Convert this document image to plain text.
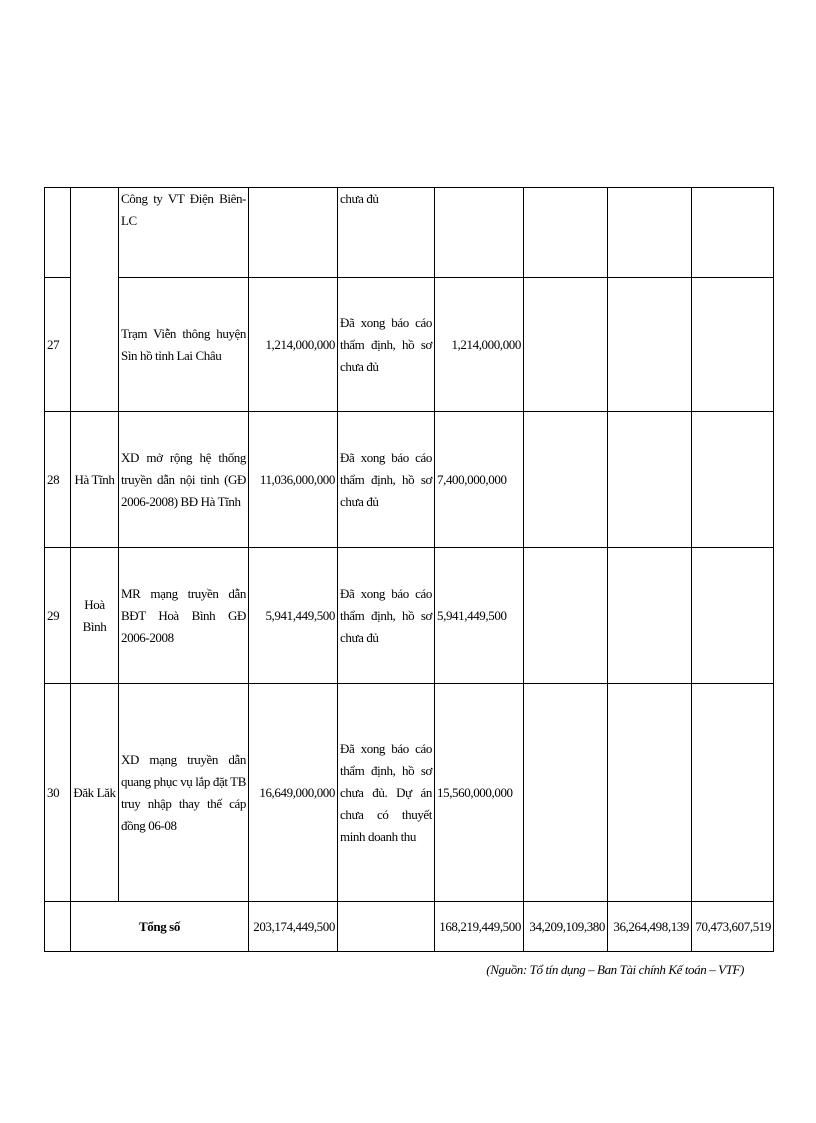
		Công ty VT Điện Biên-LC		chưa đủ				
27		Trạm Viễn thông huyện Sìn hồ tỉnh Lai Châu	1,214,000,000	Đã xong báo cáo thẩm định, hồ sơ chưa đủ	1,214,000,000			
28	Hà Tĩnh	XD mở rộng hệ thống truyền dẫn nội tỉnh (GĐ 2006-2008) BĐ Hà Tĩnh	11,036,000,000	Đã xong báo cáo thẩm định, hồ sơ chưa đủ	7,400,000,000			
29	Hoà Bình	MR mạng truyền dẫn BĐT Hoà Bình GĐ 2006-2008	5,941,449,500	Đã xong báo cáo thẩm định, hồ sơ chưa đủ	5,941,449,500			
30	Đăk Lăk	XD mạng truyền dẫn quang phục vụ lắp đặt TB truy nhập thay thế cáp đồng 06-08	16,649,000,000	Đã xong báo cáo thẩm định, hồ sơ chưa đủ. Dự án chưa có thuyết minh doanh thu	15,560,000,000			
	Tổng số		203,174,449,500		168,219,449,500	34,209,109,380	36,264,498,139	70,473,607,519
(Nguồn: Tổ tín dụng – Ban Tài chính Kế toán – VTF)
